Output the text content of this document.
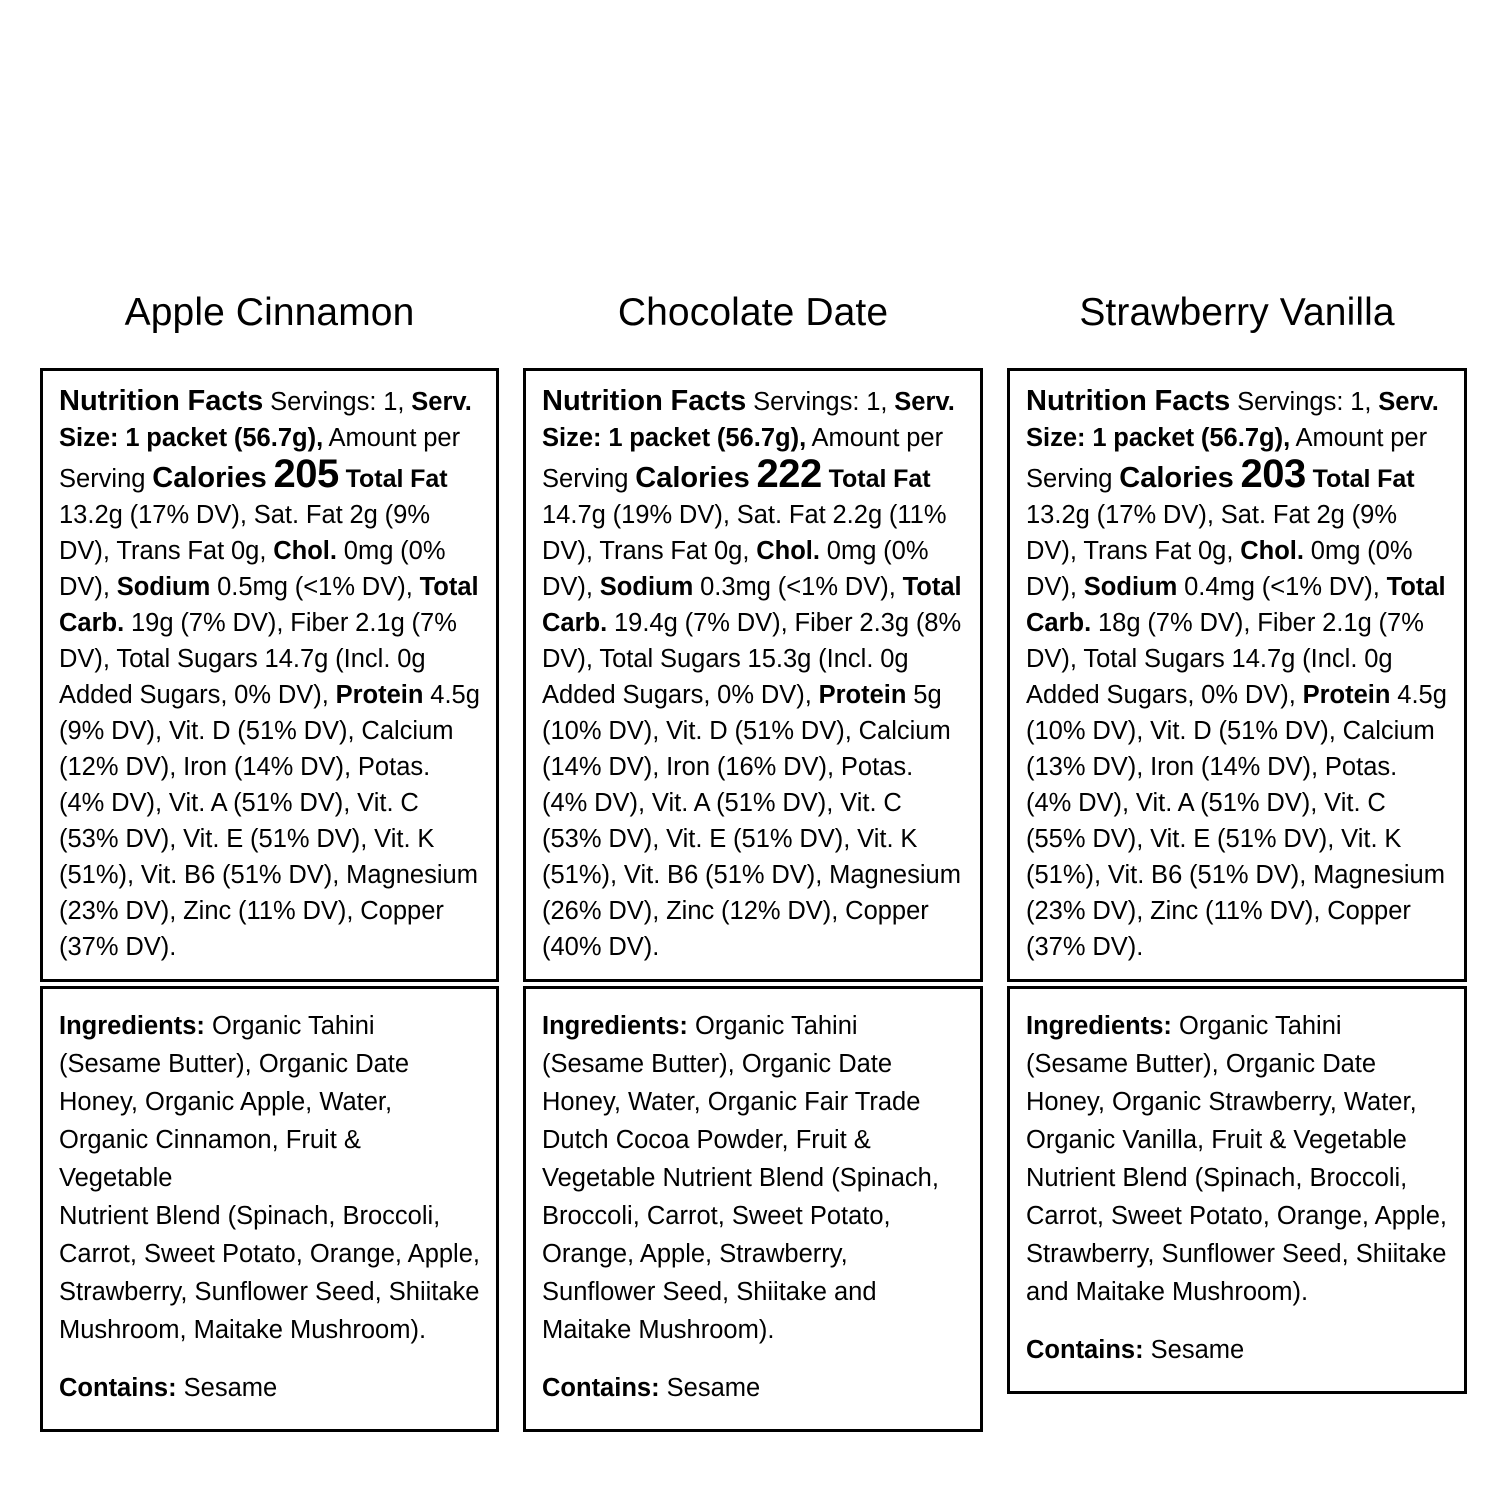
Apple Cinnamon
Nutrition Facts Servings: 1, Serv. Size: 1 packet (56.7g), Amount per Serving Calories 205 Total Fat 13.2g (17% DV), Sat. Fat 2g (9% DV), Trans Fat 0g, Chol. 0mg (0% DV), Sodium 0.5mg (<1% DV), Total Carb. 19g (7% DV), Fiber 2.1g (7% DV), Total Sugars 14.7g (Incl. 0g Added Sugars, 0% DV), Protein 4.5g (9% DV), Vit. D (51% DV), Calcium (12% DV), Iron (14% DV), Potas. (4% DV), Vit. A (51% DV), Vit. C (53% DV), Vit. E (51% DV), Vit. K (51%), Vit. B6 (51% DV), Magnesium (23% DV), Zinc (11% DV), Copper (37% DV).
Ingredients: Organic Tahini (Sesame Butter), Organic Date Honey, Organic Apple, Water, Organic Cinnamon, Fruit & Vegetable
Nutrient Blend (Spinach, Broccoli, Carrot, Sweet Potato, Orange, Apple, Strawberry, Sunflower Seed, Shiitake Mushroom, Maitake Mushroom).
Contains: Sesame
Chocolate Date
Nutrition Facts Servings: 1, Serv. Size: 1 packet (56.7g), Amount per Serving Calories 222 Total Fat 14.7g (19% DV), Sat. Fat 2.2g (11% DV), Trans Fat 0g, Chol. 0mg (0% DV), Sodium 0.3mg (<1% DV), Total Carb. 19.4g (7% DV), Fiber 2.3g (8% DV), Total Sugars 15.3g (Incl. 0g Added Sugars, 0% DV), Protein 5g (10% DV), Vit. D (51% DV), Calcium (14% DV), Iron (16% DV), Potas. (4% DV), Vit. A (51% DV), Vit. C (53% DV), Vit. E (51% DV), Vit. K (51%), Vit. B6 (51% DV), Magnesium (26% DV), Zinc (12% DV), Copper (40% DV).
Ingredients: Organic Tahini (Sesame Butter), Organic Date Honey, Water, Organic Fair Trade Dutch Cocoa Powder, Fruit & Vegetable Nutrient Blend (Spinach, Broccoli, Carrot, Sweet Potato, Orange, Apple, Strawberry, Sunflower Seed, Shiitake and Maitake Mushroom).
Contains: Sesame
Strawberry Vanilla
Nutrition Facts Servings: 1, Serv. Size: 1 packet (56.7g), Amount per Serving Calories 203 Total Fat 13.2g (17% DV), Sat. Fat 2g (9% DV), Trans Fat 0g, Chol. 0mg (0% DV), Sodium 0.4mg (<1% DV), Total Carb. 18g (7% DV), Fiber 2.1g (7% DV), Total Sugars 14.7g (Incl. 0g Added Sugars, 0% DV), Protein 4.5g (10% DV), Vit. D (51% DV), Calcium (13% DV), Iron (14% DV), Potas. (4% DV), Vit. A (51% DV), Vit. C (55% DV), Vit. E (51% DV), Vit. K (51%), Vit. B6 (51% DV), Magnesium (23% DV), Zinc (11% DV), Copper (37% DV).
Ingredients: Organic Tahini (Sesame Butter), Organic Date Honey, Organic Strawberry, Water, Organic Vanilla, Fruit & Vegetable Nutrient Blend (Spinach, Broccoli, Carrot, Sweet Potato, Orange, Apple, Strawberry, Sunflower Seed, Shiitake and Maitake Mushroom).
Contains: Sesame
